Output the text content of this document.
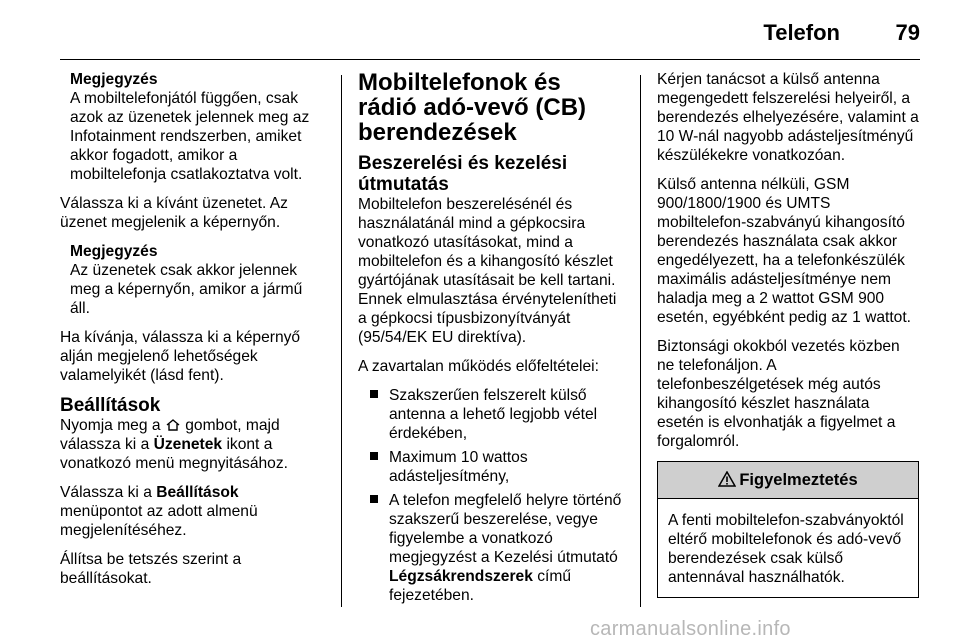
Telefon	79
Megjegyzés
A mobiltelefonjától függően, csak azok az üzenetek jelennek meg az Infotainment rendszerben, amiket akkor fogadott, amikor a mobiltelefonja csatlakoztatva volt.

Válassza ki a kívánt üzenetet. Az üzenet megjelenik a képernyőn.

Megjegyzés
Az üzenetek csak akkor jelennek meg a képernyőn, amikor a jármű áll.

Ha kívánja, válassza ki a képernyő alján megjelenő lehetőségek valamelyikét (lásd fent).

Beállítások

Nyomja meg a gombot, majd válassza ki a Üzenetek ikont a vonatkozó menü megnyitásához.

Válassza ki a Beállítások menüpontot az adott almenü megjelenítéséhez.

Állítsa be tetszés szerint a beállításokat.

Mobiltelefonok és rádió adó-vevő (CB) berendezések
Beszerelési és kezelési útmutatás

Mobiltelefon beszerelésénél és használatánál mind a gépkocsira vonatkozó utasításokat, mind a mobiltelefon és a kihangosító készlet gyártójának utasításait be kell tartani. Ennek elmulasztása érvénytelenítheti a gépkocsi típusbizonyítványát (95/54/EK EU direktíva).

A zavartalan működés előfeltételei:

Szakszerűen felszerelt külső antenna a lehető legjobb vétel érdekében,
Maximum 10 wattos adásteljesítmény,
A telefon megfelelő helyre történő szakszerű beszerelése, vegye figyelembe a vonatkozó megjegyzést a Kezelési útmutató Légzsákrendszerek című fejezetében.

Kérjen tanácsot a külső antenna megengedett felszerelési helyeiről, a berendezés elhelyezésére, valamint a 10 W-nál nagyobb adásteljesítményű készülékekre vonatkozóan.

Külső antenna nélküli, GSM 900/1800/1900 és UMTS mobiltelefon-szabványú kihangosító berendezés használata csak akkor engedélyezett, ha a telefonkészülék maximális adásteljesítménye nem haladja meg a 2 wattot GSM 900 esetén, egyébként pedig az 1 wattot.

Biztonsági okokból vezetés közben ne telefonáljon. A telefonbeszélgetések még autós kihangosító készlet használata esetén is elvonhatják a figyelmet a forgalomról.

Figyelmeztetés
A fenti mobiltelefon-szabványoktól eltérő mobiltelefonok és adó-vevő berendezések csak külső antennával használhatók.
carmanualsonline.info
